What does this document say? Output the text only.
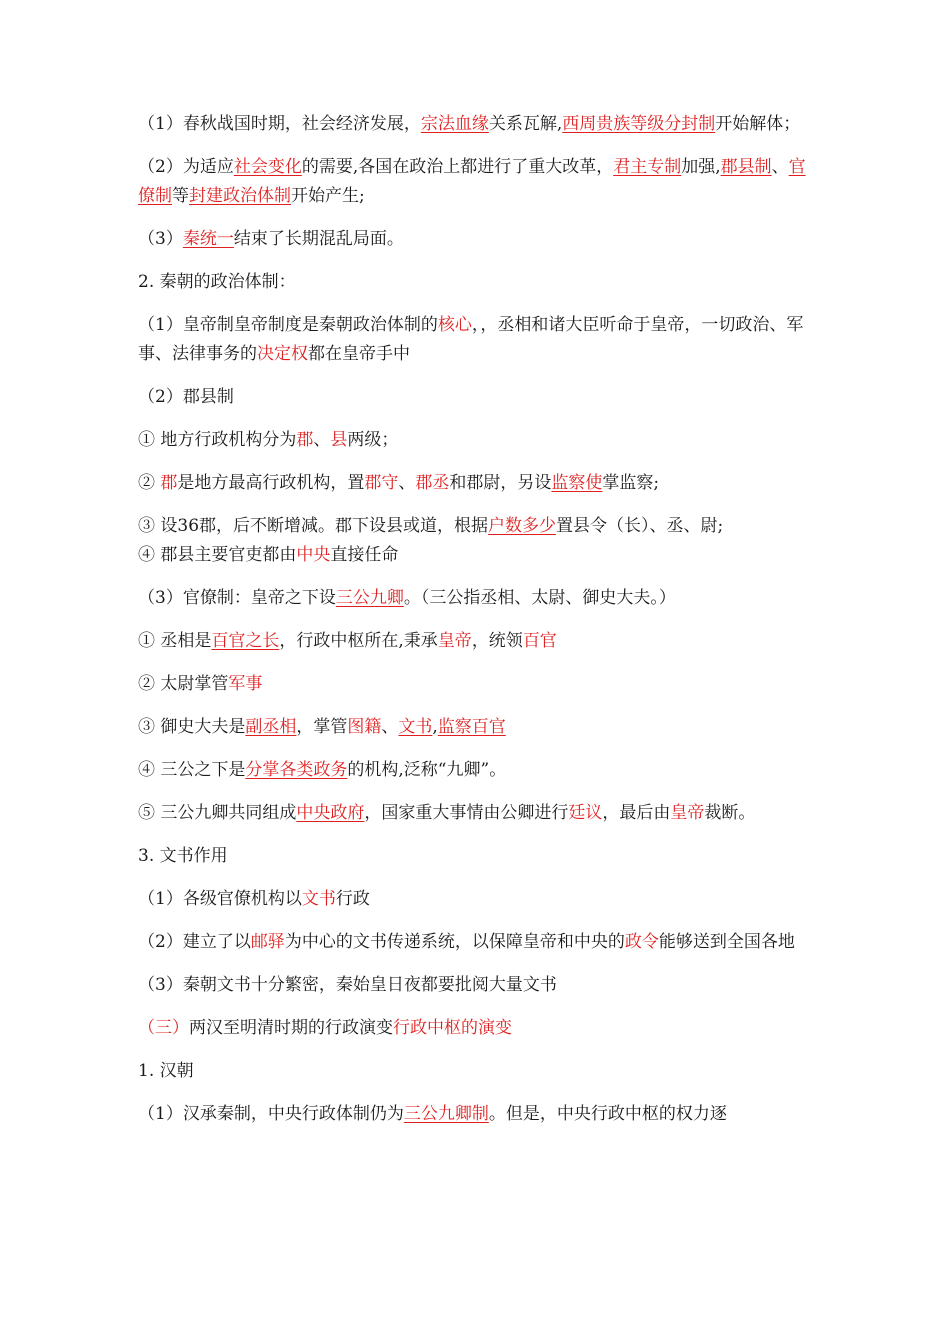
（1）春秋战国时期，社会经济发展，宗法血缘关系瓦解,西周贵族等级分封制开始解体；

（2）为适应社会变化的需要,各国在政治上都进行了重大改革，君主专制加强,郡县制、官僚制等封建政治体制开始产生;

（3）秦统一结束了长期混乱局面。

2. 秦朝的政治体制：

（1）皇帝制皇帝制度是秦朝政治体制的核心，，丞相和诸大臣听命于皇帝，一切政治、军事、法律事务的决定权都在皇帝手中

（2）郡县制

① 地方行政机构分为郡、县两级；

② 郡是地方最高行政机构，置郡守、郡丞和郡尉，另设监察使掌监察;

③ 设36郡，后不断增减。郡下设县或道，根据户数多少置县令（长）、丞、尉;

④ 郡县主要官吏都由中央直接任命

（3）官僚制：皇帝之下设三公九卿。（三公指丞相、太尉、御史大夫。）

① 丞相是百官之长，行政中枢所在,秉承皇帝，统领百官

② 太尉掌管军事

③ 御史大夫是副丞相，掌管图籍、文书,监察百官

④ 三公之下是分掌各类政务的机构,泛称“九卿”。

⑤ 三公九卿共同组成中央政府，国家重大事情由公卿进行廷议，最后由皇帝裁断。

3. 文书作用

（1）各级官僚机构以文书行政

（2）建立了以邮驿为中心的文书传递系统，以保障皇帝和中央的政令能够送到全国各地

（3）秦朝文书十分繁密，秦始皇日夜都要批阅大量文书

（三）两汉至明清时期的行政演变行政中枢的演变

1. 汉朝

（1）汉承秦制，中央行政体制仍为三公九卿制。但是，中央行政中枢的权力逐
